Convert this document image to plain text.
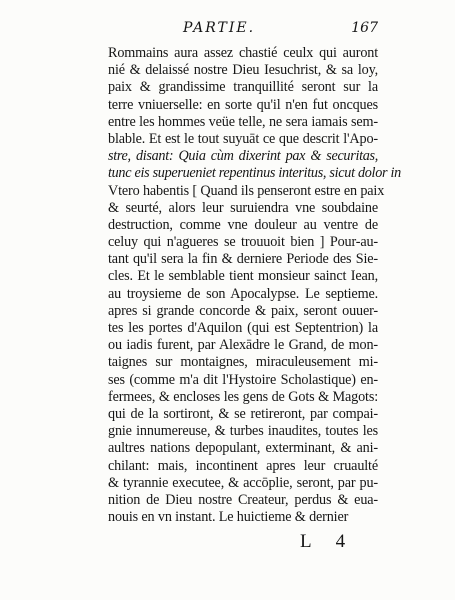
PARTIE.	167
Rommains aura assez chastié ceulx qui auront
nié & delaissé nostre Dieu Iesuchrist, & sa loy,
paix & grandissime tranquillité seront sur la
terre vniuerselle: en sorte qu'il n'en fut oncques
entre les hommes veüe telle, ne sera iamais sem-
blable. Et est le tout suyuāt ce que descrit l'Apo-
stre, disant: Quia cùm dixerint pax & securitas,
tunc eis superueniet repentinus interitus, sicut dolor in
Vtero habentis [ Quand ils penseront estre en paix
& seurté, alors leur suruiendra vne soubdaine
destruction, comme vne douleur au ventre de
celuy qui n'agueres se trouuoit bien ] Pour-au-
tant qu'il sera la fin & derniere Periode des Sie-
cles. Et le semblable tient monsieur sainct Iean,
au troysieme de son Apocalypse. Le septieme.
apres si grande concorde & paix, seront ouuer-
tes les portes d'Aquilon (qui est Septentrion) la
ou iadis furent, par Alexādre le Grand, de mon-
taignes sur montaignes, miraculeusement mi-
ses (comme m'a dit l'Hystoire Scholastique) en-
fermees, & encloses les gens de Gots & Magots:
qui de la sortiront, & se retireront, par compai-
gnie innumereuse, & turbes inaudites, toutes les
aultres nations depopulant, exterminant, & ani-
chilant: mais, incontinent apres leur cruaulté
& tyrannie executee, & accōplie, seront, par pu-
nition de Dieu nostre Createur, perdus & eua-
nouis en vn instant. Le huictieme & dernier
L 4
